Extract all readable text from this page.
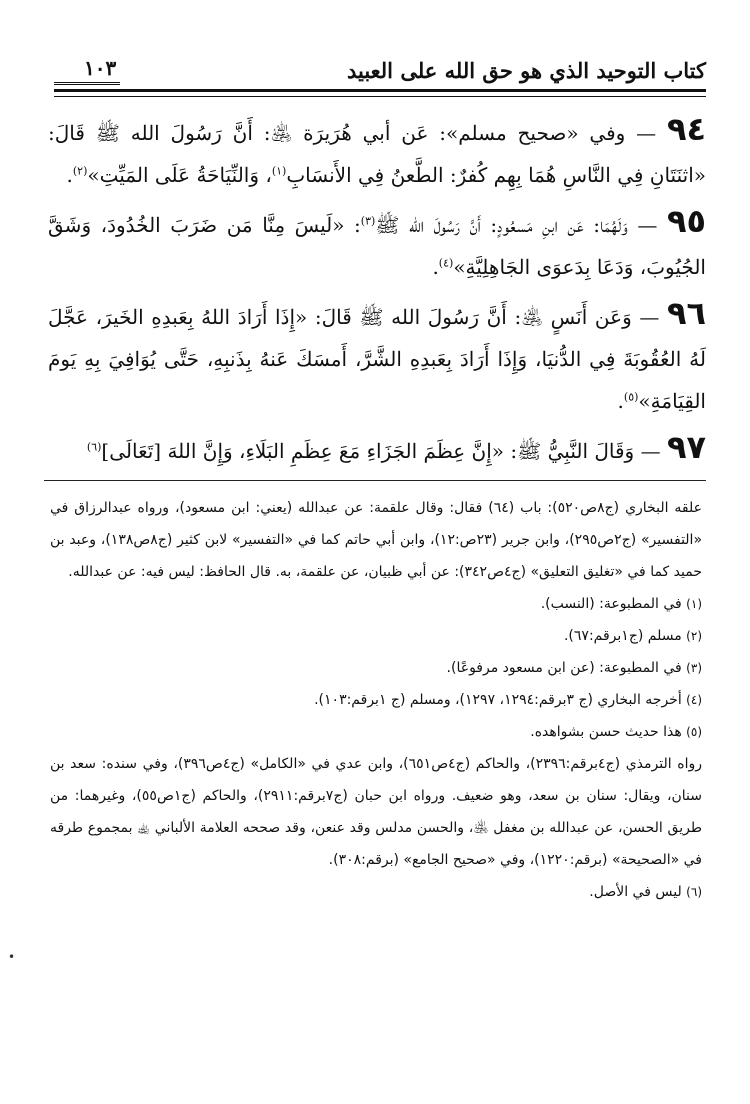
كتاب التوحيد الذي هو حق الله على العبيد
١٠٣

٩٤ — وفي «صحيح مسلم»: عَن أبي هُرَيرَة ﵁: أَنَّ رَسُولَ الله ﷺ قَالَ: «اثنَتَانِ فِي النَّاسِ هُمَا بِهِم كُفرٌ: الطَّعنُ فِي الأَنسَابِ$^{(١)}$، وَالنِّيَاحَةُ عَلَى المَيِّتِ»$^{(٢)}$.

٩٥ — وَلَهُمَا: عَن ابنِ مَسعُودٍ: أَنَّ رَسُولَ الله ﷺ$^{(٣)}$: «لَيسَ مِنَّا مَن ضَرَبَ الخُدُودَ، وَشَقَّ الجُيُوبَ، وَدَعَا بِدَعوَى الجَاهِلِيَّةِ»$^{(٤)}$.

٩٦ — وَعَن أَنَسٍ ﵁: أَنَّ رَسُولَ الله ﷺ قَالَ: «إِذَا أَرَادَ اللهُ بِعَبدِهِ الخَيرَ، عَجَّلَ لَهُ العُقُوبَةَ فِي الدُّنيَا، وَإِذَا أَرَادَ بِعَبدِهِ الشَّرَّ، أَمسَكَ عَنهُ بِذَنبِهِ، حَتَّى يُوَافِيَ بِهِ يَومَ القِيَامَةِ»$^{(٥)}$.

٩٧ — وَقَالَ النَّبِيُّ ﷺ: «إِنَّ عِظَمَ الجَزَاءِ مَعَ عِظَمِ البَلَاءِ، وَإِنَّ اللهَ [تَعَالَى]$^{(٦)}$

علقه البخاري (ج٨ص٥٢٠): باب (٦٤) فقال: وقال علقمة: عن عبدالله (يعني: ابن مسعود)، ورواه عبدالرزاق في «التفسير» (ج٢ص٢٩٥)، وابن جرير (٢٣ص:١٢)، وابن أبي حاتم كما في «التفسير» لابن كثير (ج٨ص١٣٨)، وعبد بن حميد كما في «تغليق التعليق» (ج٤ص٣٤٢): عن أبي ظبيان، عن علقمة، به. قال الحافظ: ليس فيه: عن عبدالله.

(١) في المطبوعة: (النسب).

(٢) مسلم (ج١برقم:٦٧).

(٣) في المطبوعة: (عن ابن مسعود مرفوعًا).

(٤) أخرجه البخاري (ج ٣برقم:١٢٩٤، ١٢٩٧)، ومسلم (ج ١برقم:١٠٣).

(٥) هذا حديث حسن بشواهده.

رواه الترمذي (ج٤برقم:٢٣٩٦)، والحاكم (ج٤ص٦٥١)، وابن عدي في «الكامل» (ج٤ص٣٩٦)، وفي سنده: سعد بن سنان، ويقال: سنان بن سعد، وهو ضعيف. ورواه ابن حبان (ج٧برقم:٢٩١١)، والحاكم (ج١ص٥٥)، وغيرهما: من طريق الحسن، عن عبدالله بن مغفل ﵁، والحسن مدلس وقد عنعن، وقد صححه العلامة الألباني ﵀ بمجموع طرقه في «الصحيحة» (برقم:١٢٢٠)، وفي «صحيح الجامع» (برقم:٣٠٨).

(٦) ليس في الأصل.

•
